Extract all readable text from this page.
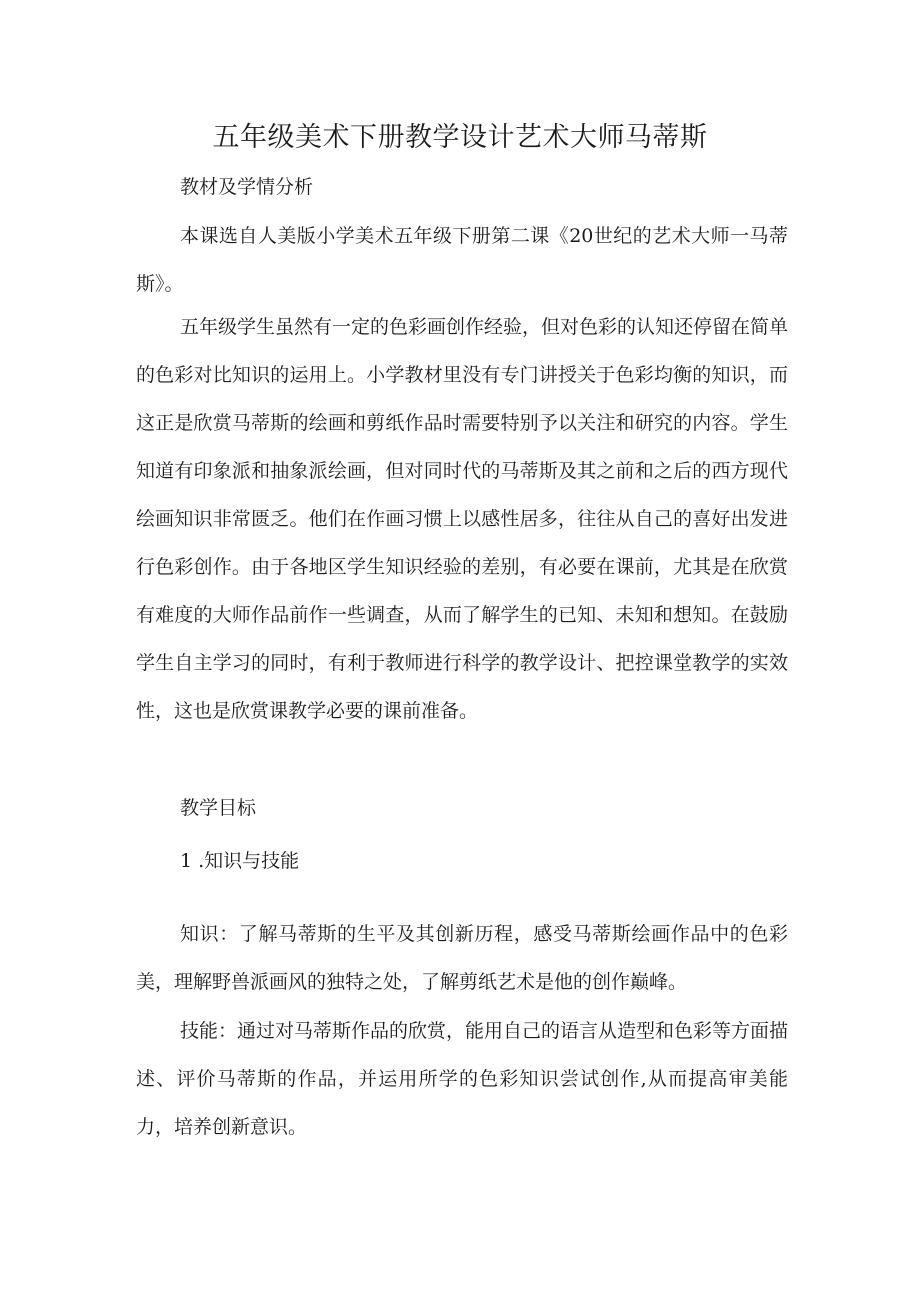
五年级美术下册教学设计艺术大师马蒂斯
教材及学情分析

本课选自人美版小学美术五年级下册第二课《20世纪的艺术大师一马蒂斯》。

五年级学生虽然有一定的色彩画创作经验，但对色彩的认知还停留在简单的色彩对比知识的运用上。小学教材里没有专门讲授关于色彩均衡的知识，而这正是欣赏马蒂斯的绘画和剪纸作品时需要特别予以关注和研究的内容。学生知道有印象派和抽象派绘画，但对同时代的马蒂斯及其之前和之后的西方现代绘画知识非常匮乏。他们在作画习惯上以感性居多，往往从自己的喜好出发进行色彩创作。由于各地区学生知识经验的差别，有必要在课前，尤其是在欣赏有难度的大师作品前作一些调查，从而了解学生的已知、未知和想知。在鼓励学生自主学习的同时，有利于教师进行科学的教学设计、把控课堂教学的实效性，这也是欣赏课教学必要的课前准备。

教学目标
1 .知识与技能

知识：了解马蒂斯的生平及其创新历程，感受马蒂斯绘画作品中的色彩美，理解野兽派画风的独特之处，了解剪纸艺术是他的创作巅峰。

技能：通过对马蒂斯作品的欣赏，能用自己的语言从造型和色彩等方面描述、评价马蒂斯的作品，并运用所学的色彩知识尝试创作,从而提高审美能力，培养创新意识。
